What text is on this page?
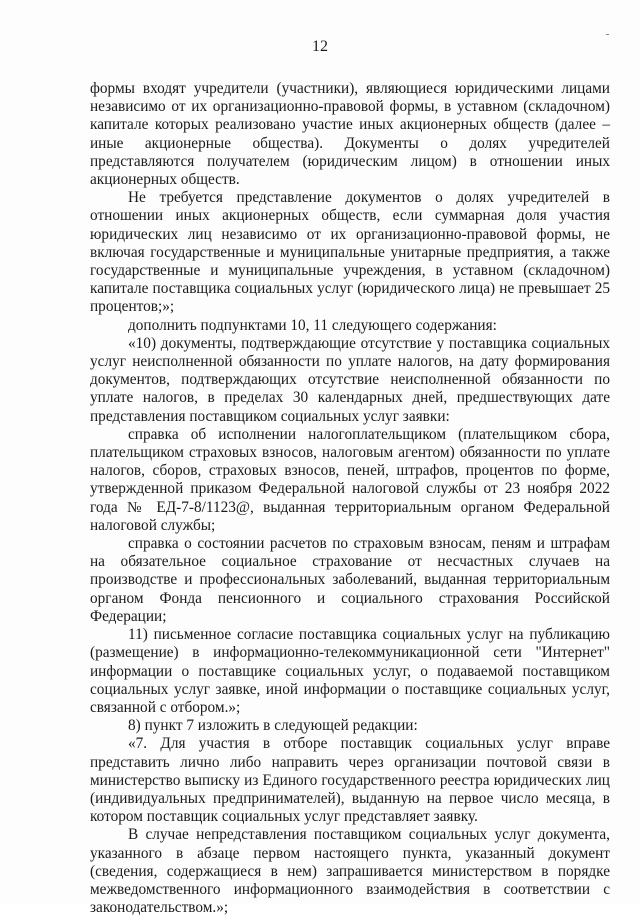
12

формы входят учредители (участники), являющиеся юридическими лицами независимо от их организационно-правовой формы, в уставном (складочном) капитале которых реализовано участие иных акционерных обществ (далее – иные акционерные общества). Документы о долях учредителей представляются получателем (юридическим лицом) в отношении иных акционерных обществ.

Не требуется представление документов о долях учредителей в отношении иных акционерных обществ, если суммарная доля участия юридических лиц независимо от их организационно-правовой формы, не включая государственные и муниципальные унитарные предприятия, а также государственные и муниципальные учреждения, в уставном (складочном) капитале поставщика социальных услуг (юридического лица) не превышает 25 процентов;»;

дополнить подпунктами 10, 11 следующего содержания:

«10) документы, подтверждающие отсутствие у поставщика социальных услуг неисполненной обязанности по уплате налогов, на дату формирования документов, подтверждающих отсутствие неисполненной обязанности по уплате налогов, в пределах 30 календарных дней, предшествующих дате представления поставщиком социальных услуг заявки:

справка об исполнении налогоплательщиком (плательщиком сбора, плательщиком страховых взносов, налоговым агентом) обязанности по уплате налогов, сборов, страховых взносов, пеней, штрафов, процентов по форме, утвержденной приказом Федеральной налоговой службы от 23 ноября 2022 года № ЕД-7-8/1123@, выданная территориальным органом Федеральной налоговой службы;

справка о состоянии расчетов по страховым взносам, пеням и штрафам на обязательное социальное страхование от несчастных случаев на производстве и профессиональных заболеваний, выданная территориальным органом Фонда пенсионного и социального страхования Российской Федерации;

11) письменное согласие поставщика социальных услуг на публикацию (размещение) в информационно-телекоммуникационной сети "Интернет" информации о поставщике социальных услуг, о подаваемой поставщиком социальных услуг заявке, иной информации о поставщике социальных услуг, связанной с отбором.»;

8) пункт 7 изложить в следующей редакции:

«7. Для участия в отборе поставщик социальных услуг вправе представить лично либо направить через организации почтовой связи в министерство выписку из Единого государственного реестра юридических лиц (индивидуальных предпринимателей), выданную на первое число месяца, в котором поставщик социальных услуг представляет заявку.

В случае непредставления поставщиком социальных услуг документа, указанного в абзаце первом настоящего пункта, указанный документ (сведения, содержащиеся в нем) запрашивается министерством в порядке межведомственного информационного взаимодействия в соответствии с законодательством.»;
